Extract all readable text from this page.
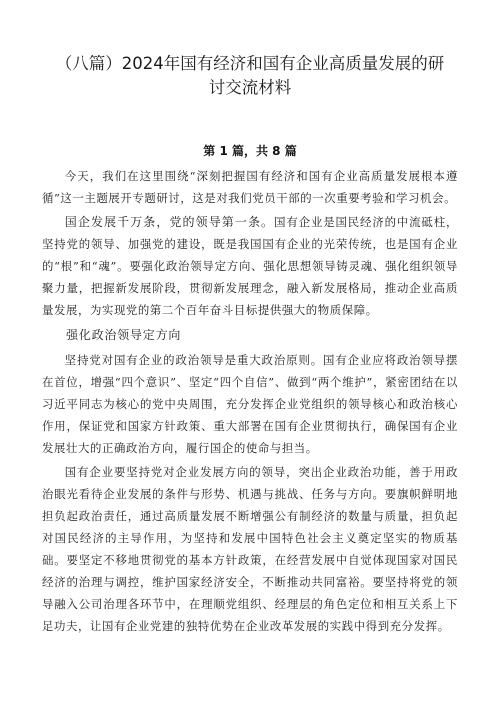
（八篇）2024年国有经济和国有企业高质量发展的研
讨交流材料
第 1 篇，共 8 篇

今天，我们在这里围绕“深刻把握国有经济和国有企业高质量发展根本遵循”这一主题展开专题研讨，这是对我们党员干部的一次重要考验和学习机会。

国企发展千万条，党的领导第一条。国有企业是国民经济的中流砥柱，坚持党的领导、加强党的建设，既是我国国有企业的光荣传统，也是国有企业的“根”和“魂”。要强化政治领导定方向、强化思想领导铸灵魂、强化组织领导聚力量，把握新发展阶段，贯彻新发展理念，融入新发展格局，推动企业高质量发展，为实现党的第二个百年奋斗目标提供强大的物质保障。

强化政治领导定方向

坚持党对国有企业的政治领导是重大政治原则。国有企业应将政治领导摆在首位，增强“四个意识”、坚定“四个自信”、做到“两个维护”，紧密团结在以习近平同志为核心的党中央周围，充分发挥企业党组织的领导核心和政治核心作用，保证党和国家方针政策、重大部署在国有企业贯彻执行，确保国有企业发展壮大的正确政治方向，履行国企的使命与担当。

国有企业要坚持党对企业发展方向的领导，突出企业政治功能，善于用政治眼光看待企业发展的条件与形势、机遇与挑战、任务与方向。要旗帜鲜明地担负起政治责任，通过高质量发展不断增强公有制经济的数量与质量，担负起对国民经济的主导作用，为坚持和发展中国特色社会主义奠定坚实的物质基础。要坚定不移地贯彻党的基本方针政策，在经营发展中自觉体现国家对国民经济的治理与调控，维护国家经济安全，不断推动共同富裕。要坚持将党的领导融入公司治理各环节中，在理顺党组织、经理层的角色定位和相互关系上下足功夫，让国有企业党建的独特优势在企业改革发展的实践中得到充分发挥。
